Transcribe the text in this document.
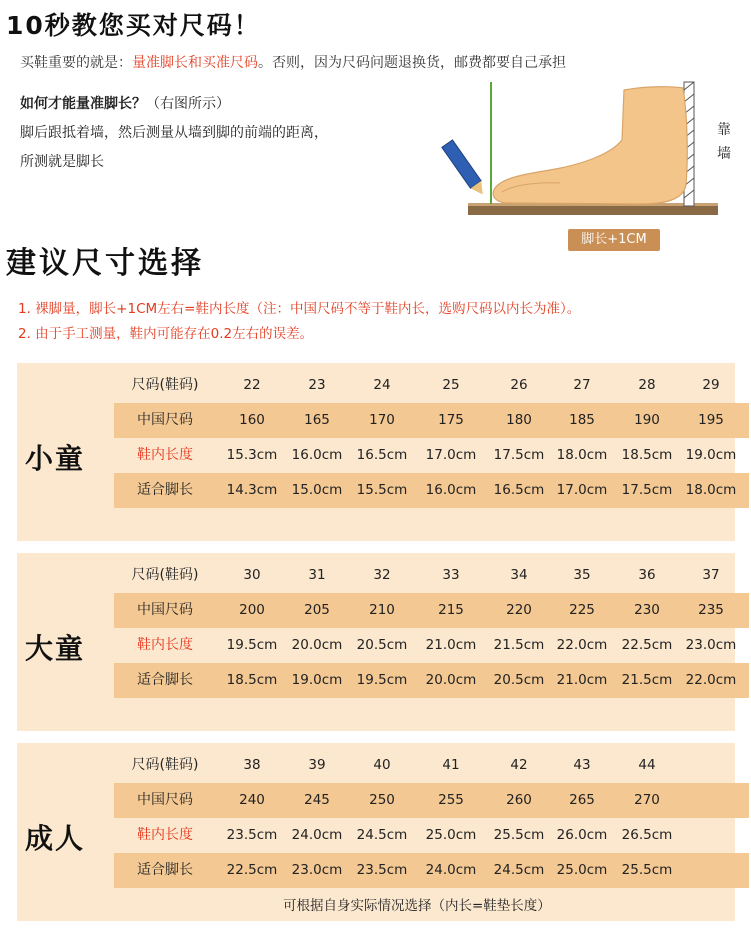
10秒教您买对尺码！
买鞋重要的就是：量准脚长和买准尺码。否则，因为尺码问题退换货，邮费都要自己承担
如何才能量准脚长？（右图所示）
脚后跟抵着墙，然后测量从墙到脚的前端的距离，
所测就是脚长
靠
墙
脚长+1CM
建议尺寸选择
1. 裸脚量，脚长+1CM左右=鞋内长度（注：中国尺码不等于鞋内长，选购尺码以内长为准）。
2. 由于手工测量，鞋内可能存在0.2左右的误差。
小童
尺码(鞋码)	22	23	24	25	26	27	28	29
中国尺码	160	165	170	175	180	185	190	195
鞋内长度	15.3cm	16.0cm	16.5cm	17.0cm	17.5cm 18.0cm	18.5cm 19.0cm
适合脚长	14.3cm	15.0cm	15.5cm	16.0cm	16.5cm 17.0cm	17.5cm 18.0cm
大童
尺码(鞋码)	30	31	32	33	34	35	36	37
中国尺码	200	205	210	215	220	225	230	235
鞋内长度	19.5cm	20.0cm	20.5cm	21.0cm	21.5cm 22.0cm	22.5cm 23.0cm
适合脚长	18.5cm	19.0cm	19.5cm	20.0cm	20.5cm 21.0cm	21.5cm 22.0cm
成人
尺码(鞋码)	38	39	40	41	42	43	44
中国尺码	240	245	250	255	260	265	270
鞋内长度	23.5cm	24.0cm	24.5cm	25.0cm	25.5cm 26.0cm	26.5cm
适合脚长	22.5cm	23.0cm	23.5cm	24.0cm	24.5cm 25.0cm	25.5cm
可根据自身实际情况选择（内长=鞋垫长度）
